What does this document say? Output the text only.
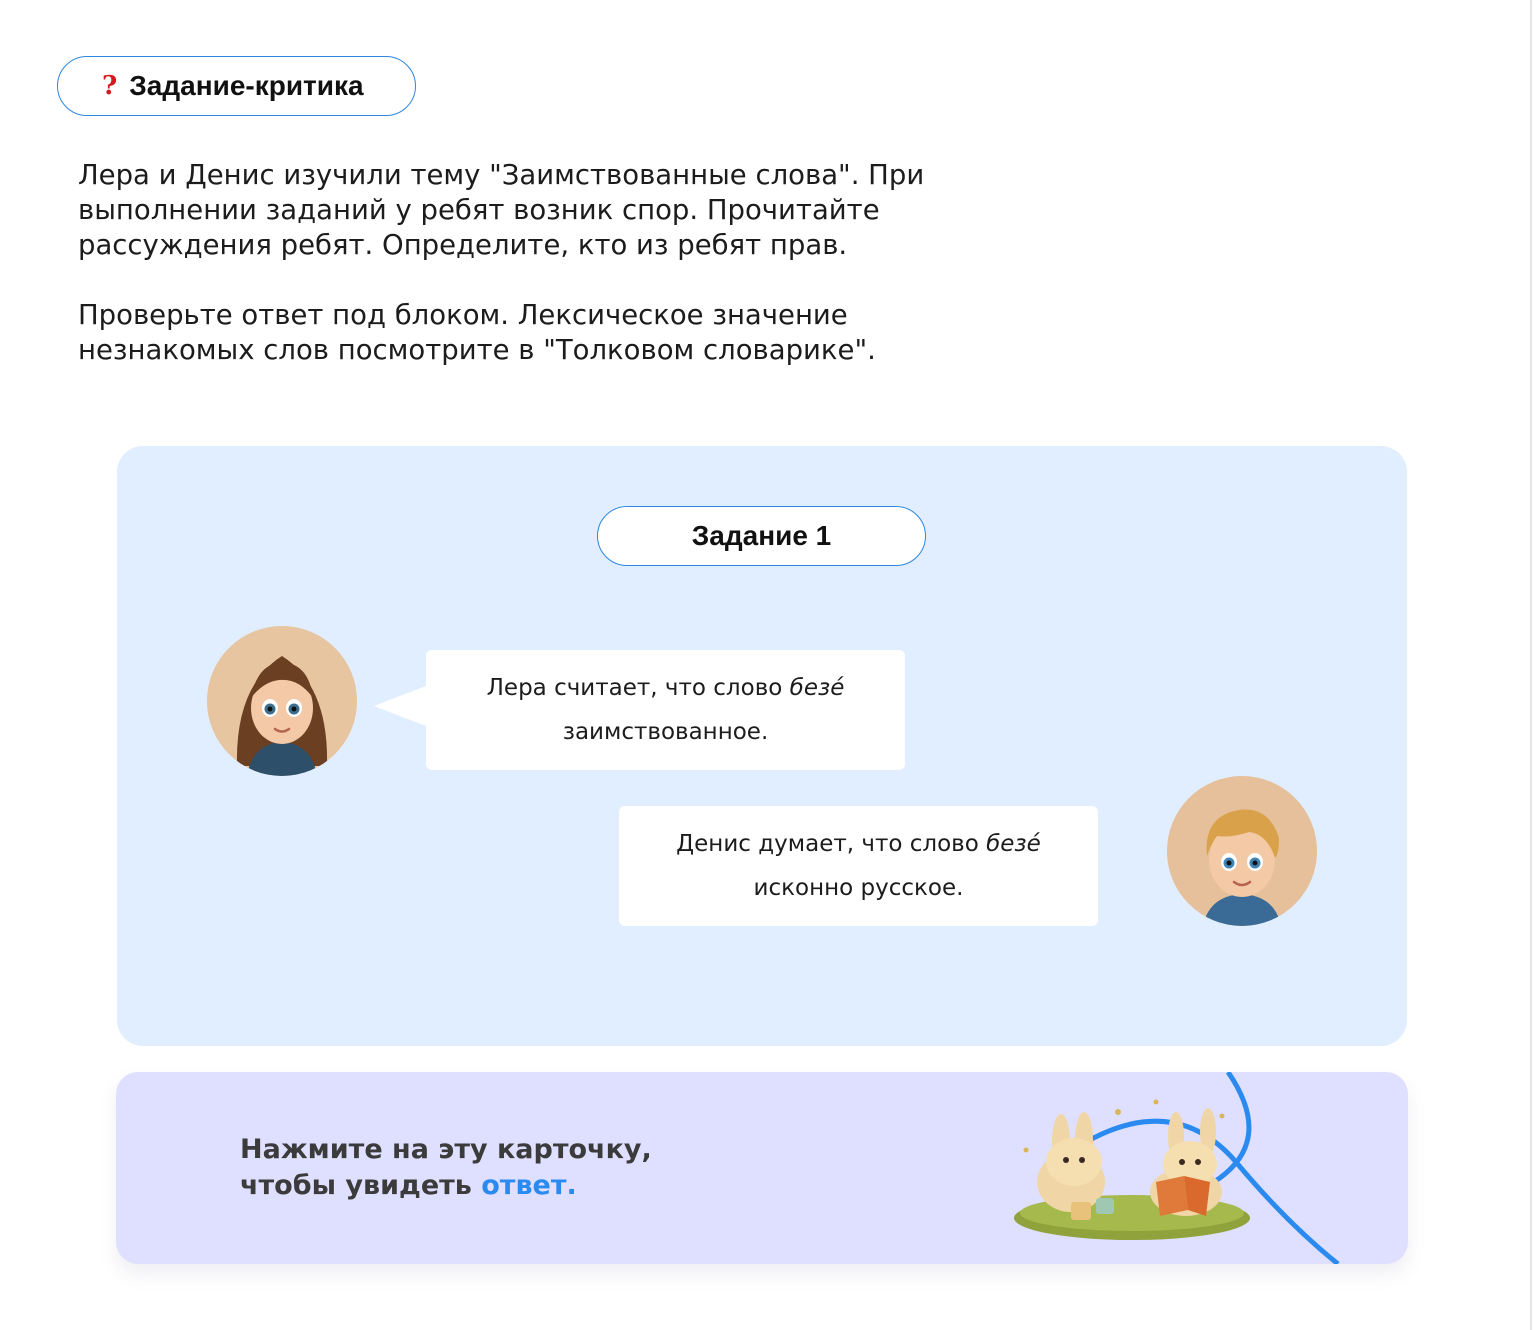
? Задание-критика

Лера и Денис изучили тему "Заимствованные слова". При выполнении заданий у ребят возник спор. Прочитайте рассуждения ребят. Определите, кто из ребят прав.

Проверьте ответ под блоком. Лексическое значение незнакомых слов посмотрите в "Толковом словарике".

Задание 1
Лера считает, что слово безé заимствованное.
Денис думает, что слово безé исконно русское.
Нажмите на эту карточку,
чтобы увидеть ответ.
